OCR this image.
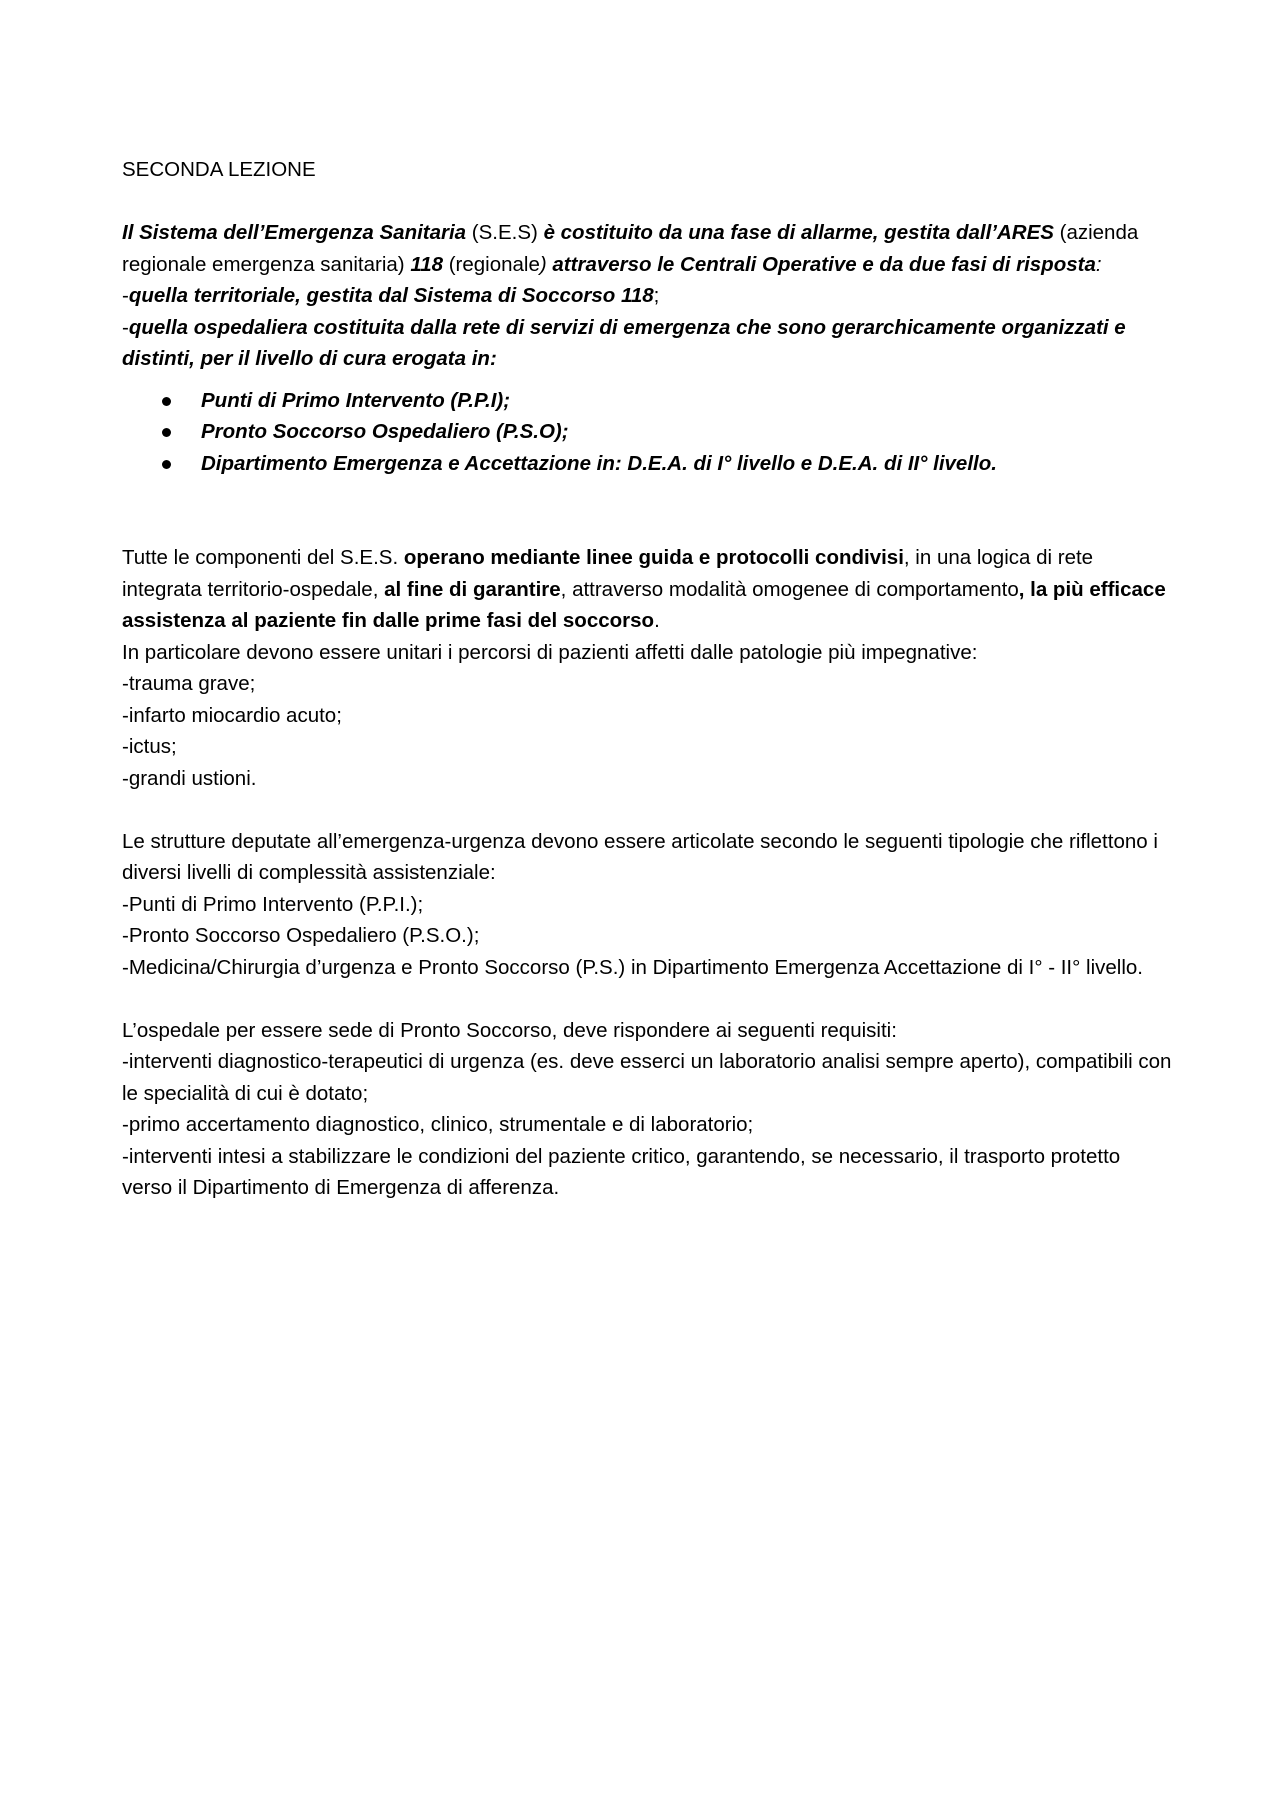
SECONDA LEZIONE

Il Sistema dell’Emergenza Sanitaria (S.E.S) è costituito da una fase di allarme, gestita dall’ARES (azienda regionale emergenza sanitaria) 118 (regionale) attraverso le Centrali Operative e da due fasi di risposta:

-quella territoriale, gestita dal Sistema di Soccorso 118;

-quella ospedaliera costituita dalla rete di servizi di emergenza che sono gerarchicamente organizzati e distinti, per il livello di cura erogata in:

Punti di Primo Intervento (P.P.I);
Pronto Soccorso Ospedaliero (P.S.O);
Dipartimento Emergenza e Accettazione in: D.E.A. di I° livello e D.E.A. di II° livello.

Tutte le componenti del S.E.S. operano mediante linee guida e protocolli condivisi, in una logica di rete integrata territorio-ospedale, al fine di garantire, attraverso modalità omogenee di comportamento, la più efficace assistenza al paziente fin dalle prime fasi del soccorso.

In particolare devono essere unitari i percorsi di pazienti affetti dalle patologie più impegnative:

-trauma grave;

-infarto miocardio acuto;

-ictus;

-grandi ustioni.

Le strutture deputate all’emergenza-urgenza devono essere articolate secondo le seguenti tipologie che riflettono i diversi livelli di complessità assistenziale:

-Punti di Primo Intervento (P.P.I.);

-Pronto Soccorso Ospedaliero (P.S.O.);

-Medicina/Chirurgia d’urgenza e Pronto Soccorso (P.S.) in Dipartimento Emergenza Accettazione di I° - II° livello.

L’ospedale per essere sede di Pronto Soccorso, deve rispondere ai seguenti requisiti:

-interventi diagnostico-terapeutici di urgenza (es. deve esserci un laboratorio analisi sempre aperto), compatibili con le specialità di cui è dotato;

-primo accertamento diagnostico, clinico, strumentale e di laboratorio;

-interventi intesi a stabilizzare le condizioni del paziente critico, garantendo, se necessario, il trasporto protetto verso il Dipartimento di Emergenza di afferenza.
